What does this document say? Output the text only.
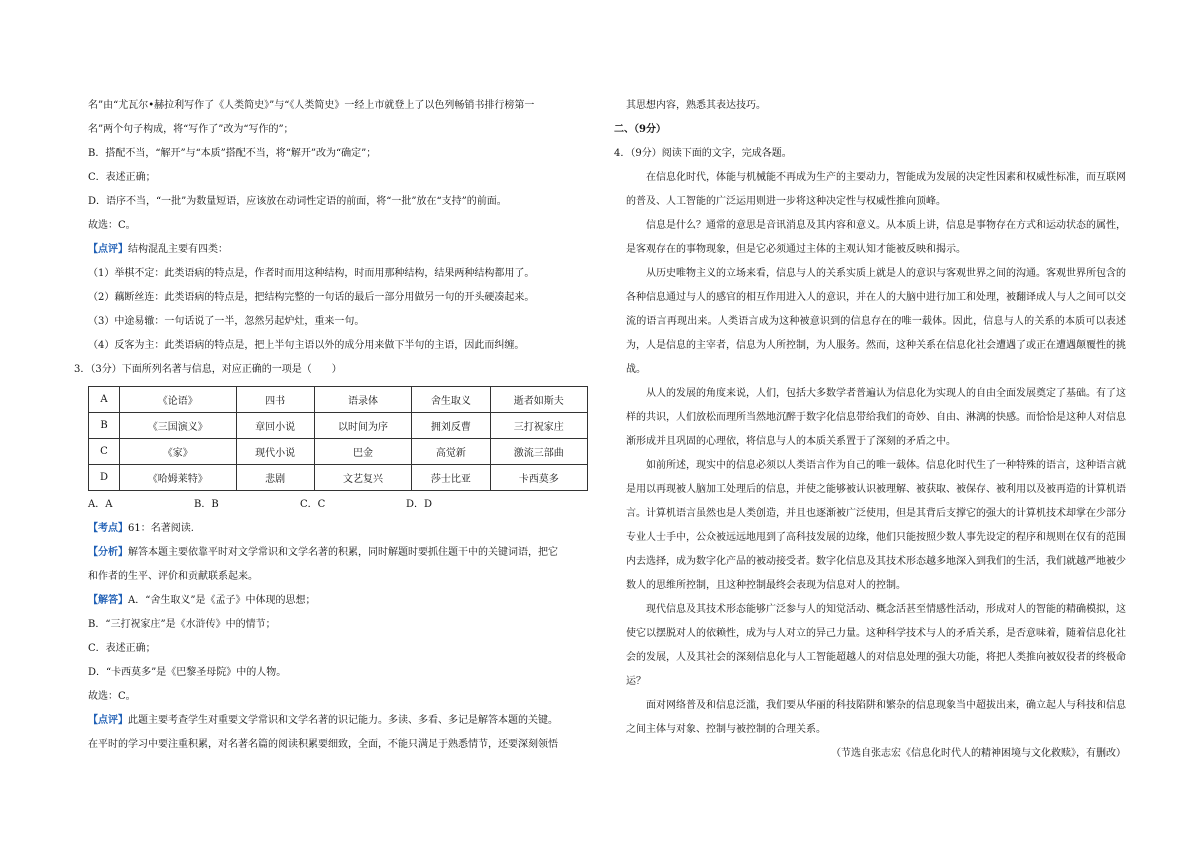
名”由“尤瓦尔•赫拉利写作了《人类简史》”与“《人类简史》一经上市就登上了以色列畅销书排行榜第一
名”两个句子构成，将“写作了”改为“写作的”；
B．搭配不当，“解开”与“本质”搭配不当，将“解开”改为“确定”；
C．表述正确；
D．语序不当，“一批”为数量短语，应该放在动词性定语的前面，将“一批”放在“支持”的前面。
故选：C。
【点评】结构混乱主要有四类：
（1）举棋不定：此类语病的特点是，作者时而用这种结构，时而用那种结构，结果两种结构都用了。
（2）藕断丝连：此类语病的特点是，把结构完整的一句话的最后一部分用做另一句的开头硬凑起来。
（3）中途易辙：一句话说了一半，忽然另起炉灶，重来一句。
（4）反客为主：此类语病的特点是，把上半句主语以外的成分用来做下半句的主语，因此而纠缠。
3．（3分）下面所列名著与信息，对应正确的一项是（　　）
A	《论语》	四书	语录体	舍生取义	逝者如斯夫
B	《三国演义》	章回小说	以时间为序	拥刘反曹	三打祝家庄
C	《家》	现代小说	巴金	高觉新	激流三部曲
D	《哈姆莱特》	悲剧	文艺复兴	莎士比亚	卡西莫多
A．A	B．B	C．C	D．D
【考点】61：名著阅读.
【分析】解答本题主要依靠平时对文学常识和文学名著的积累，同时解题时要抓住题干中的关键词语，把它
和作者的生平、评价和贡献联系起来。
【解答】A．“舍生取义”是《孟子》中体现的思想；
B．“三打祝家庄”是《水浒传》中的情节；
C．表述正确；
D．“卡西莫多”是《巴黎圣母院》中的人物。
故选：C。
【点评】此题主要考查学生对重要文学常识和文学名著的识记能力。多读、多看、多记是解答本题的关键。
在平时的学习中要注重积累，对名著名篇的阅读积累要细致，全面，不能只满足于熟悉情节，还要深刻领悟
其思想内容，熟悉其表达技巧。
二、（9分）
4．（9分）阅读下面的文字，完成各题。
在信息化时代，体能与机械能不再成为生产的主要动力，智能成为发展的决定性因素和权威性标准，而互联网的普及、人工智能的广泛运用则进一步将这种决定性与权威性推向顶峰。
信息是什么？通常的意思是音讯消息及其内容和意义。从本质上讲，信息是事物存在方式和运动状态的属性，是客观存在的事物现象，但是它必须通过主体的主观认知才能被反映和揭示。
从历史唯物主义的立场来看，信息与人的关系实质上就是人的意识与客观世界之间的沟通。客观世界所包含的各种信息通过与人的感官的相互作用进入人的意识，并在人的大脑中进行加工和处理，被翻译成人与人之间可以交流的语言再现出来。人类语言成为这种被意识到的信息存在的唯一载体。因此，信息与人的关系的本质可以表述为，人是信息的主宰者，信息为人所控制，为人服务。然而，这种关系在信息化社会遭遇了或正在遭遇颠覆性的挑战。
从人的发展的角度来说，人们，包括大多数学者普遍认为信息化为实现人的自由全面发展奠定了基础。有了这样的共识，人们放松而理所当然地沉醉于数字化信息带给我们的奇妙、自由、淋漓的快感。而恰恰是这种人对信息渐形成并且巩固的心理依，将信息与人的本质关系置于了深刻的矛盾之中。
如前所述，现实中的信息必须以人类语言作为自己的唯一载体。信息化时代生了一种特殊的语言，这种语言就是用以再现被人脑加工处理后的信息，并使之能够被认识被理解、被获取、被保存、被利用以及被再造的计算机语言。计算机语言虽然也是人类创造，并且也逐渐被广泛使用，但是其背后支撑它的强大的计算机技术却掌在少部分专业人士手中，公众被远远地甩到了高科技发展的边缘，他们只能按照少数人事先设定的程序和规则在仅有的范围内去选择，成为数字化产品的被动接受者。数字化信息及其技术形态越多地深入到我们的生活，我们就越严地被少数人的思维所控制，且这种控制最终会表现为信息对人的控制。
现代信息及其技术形态能够广泛参与人的知觉活动、概念活甚至情感性活动，形成对人的智能的精确模拟，这使它以摆脱对人的依赖性，成为与人对立的异己力量。这种科学技术与人的矛盾关系，是否意味着，随着信息化社会的发展，人及其社会的深刻信息化与人工智能超越人的对信息处理的强大功能，将把人类推向被奴役者的终极命运？
面对网络普及和信息泛滥，我们要从华丽的科技陷阱和繁杂的信息现象当中超拔出来，确立起人与科技和信息之间主体与对象、控制与被控制的合理关系。
（节选自张志宏《信息化时代人的精神困境与文化救赎》，有删改）
